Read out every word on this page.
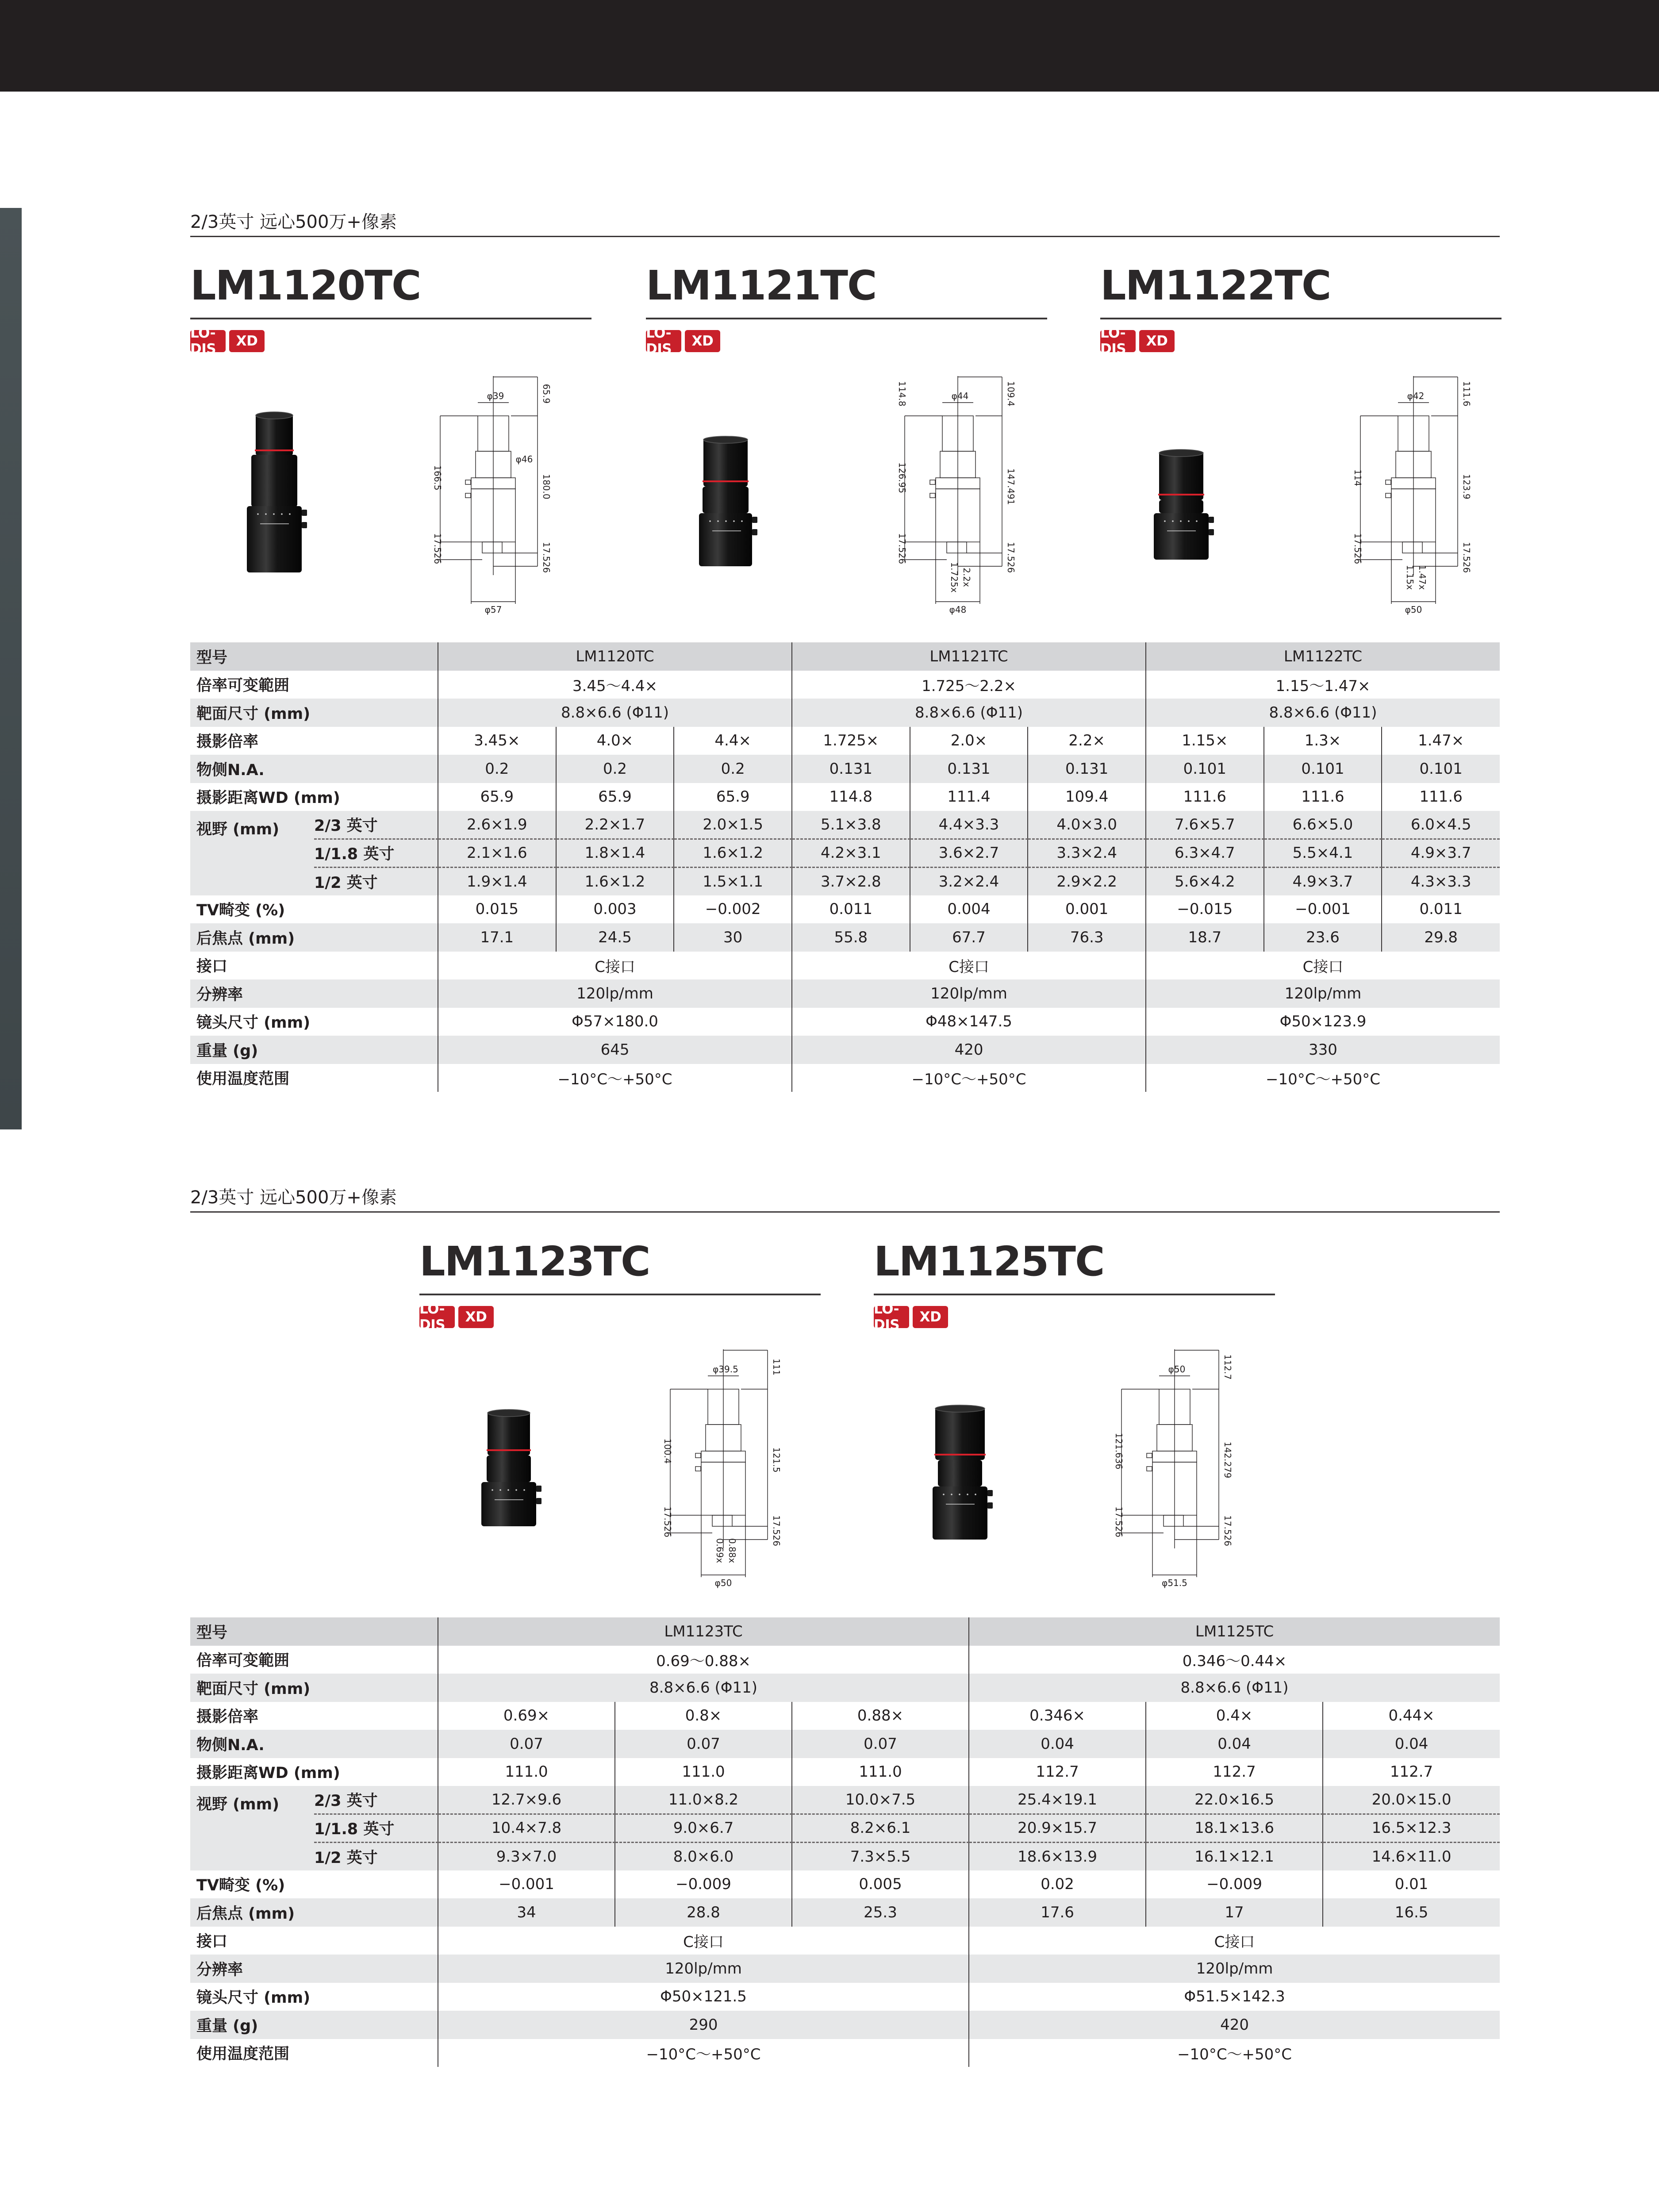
2/3英寸 远心500万+像素
LM1120TC
LO-DIS	XD
65.9
φ39
φ46
166.5	180.0
17.526	17.526
φ57
LM1121TC
LO-DIS	XD
114.8	109.4
φ44
126.95	147.491
17.526	17.526
φ48
1.725x 2.2x
LM1122TC
LO-DIS	XD
111.6
φ42
114	123.9
17.526	17.526
φ50
1.15x 1.47x
2/3英寸 远心500万+像素
LM1123TC
LO-DIS	XD
111
φ39.5
100.4	121.5
17.526	17.526
φ50
0.69x 0.88x
LM1125TC
LO-DIS	XD
112.7
φ50
121.636	142.279
17.526	17.526
φ51.5
型号		LM1120TC			LM1121TC			LM1122TC		
倍率可变範囲		3.45～4.4×			1.725～2.2×			1.15～1.47×		
靶面尺寸 (mm)		8.8×6.6 (Φ11)			8.8×6.6 (Φ11)			8.8×6.6 (Φ11)		
摄影倍率		3.45×	4.0×	4.4×	1.725×	2.0×	2.2×	1.15×	1.3×	1.47×
物侧N.A.		0.2	0.2	0.2	0.131	0.131	0.131	0.101	0.101	0.101
摄影距离WD (mm)		65.9	65.9	65.9	114.8	111.4	109.4	111.6	111.6	111.6
视野 (mm)	2/3 英寸	2.6×1.9	2.2×1.7	2.0×1.5	5.1×3.8	4.4×3.3	4.0×3.0	7.6×5.7	6.6×5.0	6.0×4.5
	1/1.8 英寸	2.1×1.6	1.8×1.4	1.6×1.2	4.2×3.1	3.6×2.7	3.3×2.4	6.3×4.7	5.5×4.1	4.9×3.7
	1/2 英寸	1.9×1.4	1.6×1.2	1.5×1.1	3.7×2.8	3.2×2.4	2.9×2.2	5.6×4.2	4.9×3.7	4.3×3.3
TV畸变 (%)		0.015	0.003	−0.002	0.011	0.004	0.001	−0.015	−0.001	0.011
后焦点 (mm)		17.1	24.5	30	55.8	67.7	76.3	18.7	23.6	29.8
接口		C接口			C接口			C接口		
分辨率		120lp/mm			120lp/mm			120lp/mm		
镜头尺寸 (mm)		Φ57×180.0			Φ48×147.5			Φ50×123.9		
重量 (g)		645			420			330		
使用温度范围		−10°C～+50°C			−10°C～+50°C			−10°C～+50°C		
型号		LM1123TC			LM1125TC		
倍率可变範囲		0.69～0.88×			0.346～0.44×		
靶面尺寸 (mm)		8.8×6.6 (Φ11)			8.8×6.6 (Φ11)		
摄影倍率		0.69×	0.8×	0.88×	0.346×	0.4×	0.44×
物侧N.A.		0.07	0.07	0.07	0.04	0.04	0.04
摄影距离WD (mm)		111.0	111.0	111.0	112.7	112.7	112.7
视野 (mm)	2/3 英寸	12.7×9.6	11.0×8.2	10.0×7.5	25.4×19.1	22.0×16.5	20.0×15.0
	1/1.8 英寸	10.4×7.8	9.0×6.7	8.2×6.1	20.9×15.7	18.1×13.6	16.5×12.3
	1/2 英寸	9.3×7.0	8.0×6.0	7.3×5.5	18.6×13.9	16.1×12.1	14.6×11.0
TV畸变 (%)		−0.001	−0.009	0.005	0.02	−0.009	0.01
后焦点 (mm)		34	28.8	25.3	17.6	17	16.5
接口		C接口			C接口		
分辨率		120lp/mm			120lp/mm		
镜头尺寸 (mm)		Φ50×121.5			Φ51.5×142.3		
重量 (g)		290			420		
使用温度范围		−10°C～+50°C			−10°C～+50°C		
